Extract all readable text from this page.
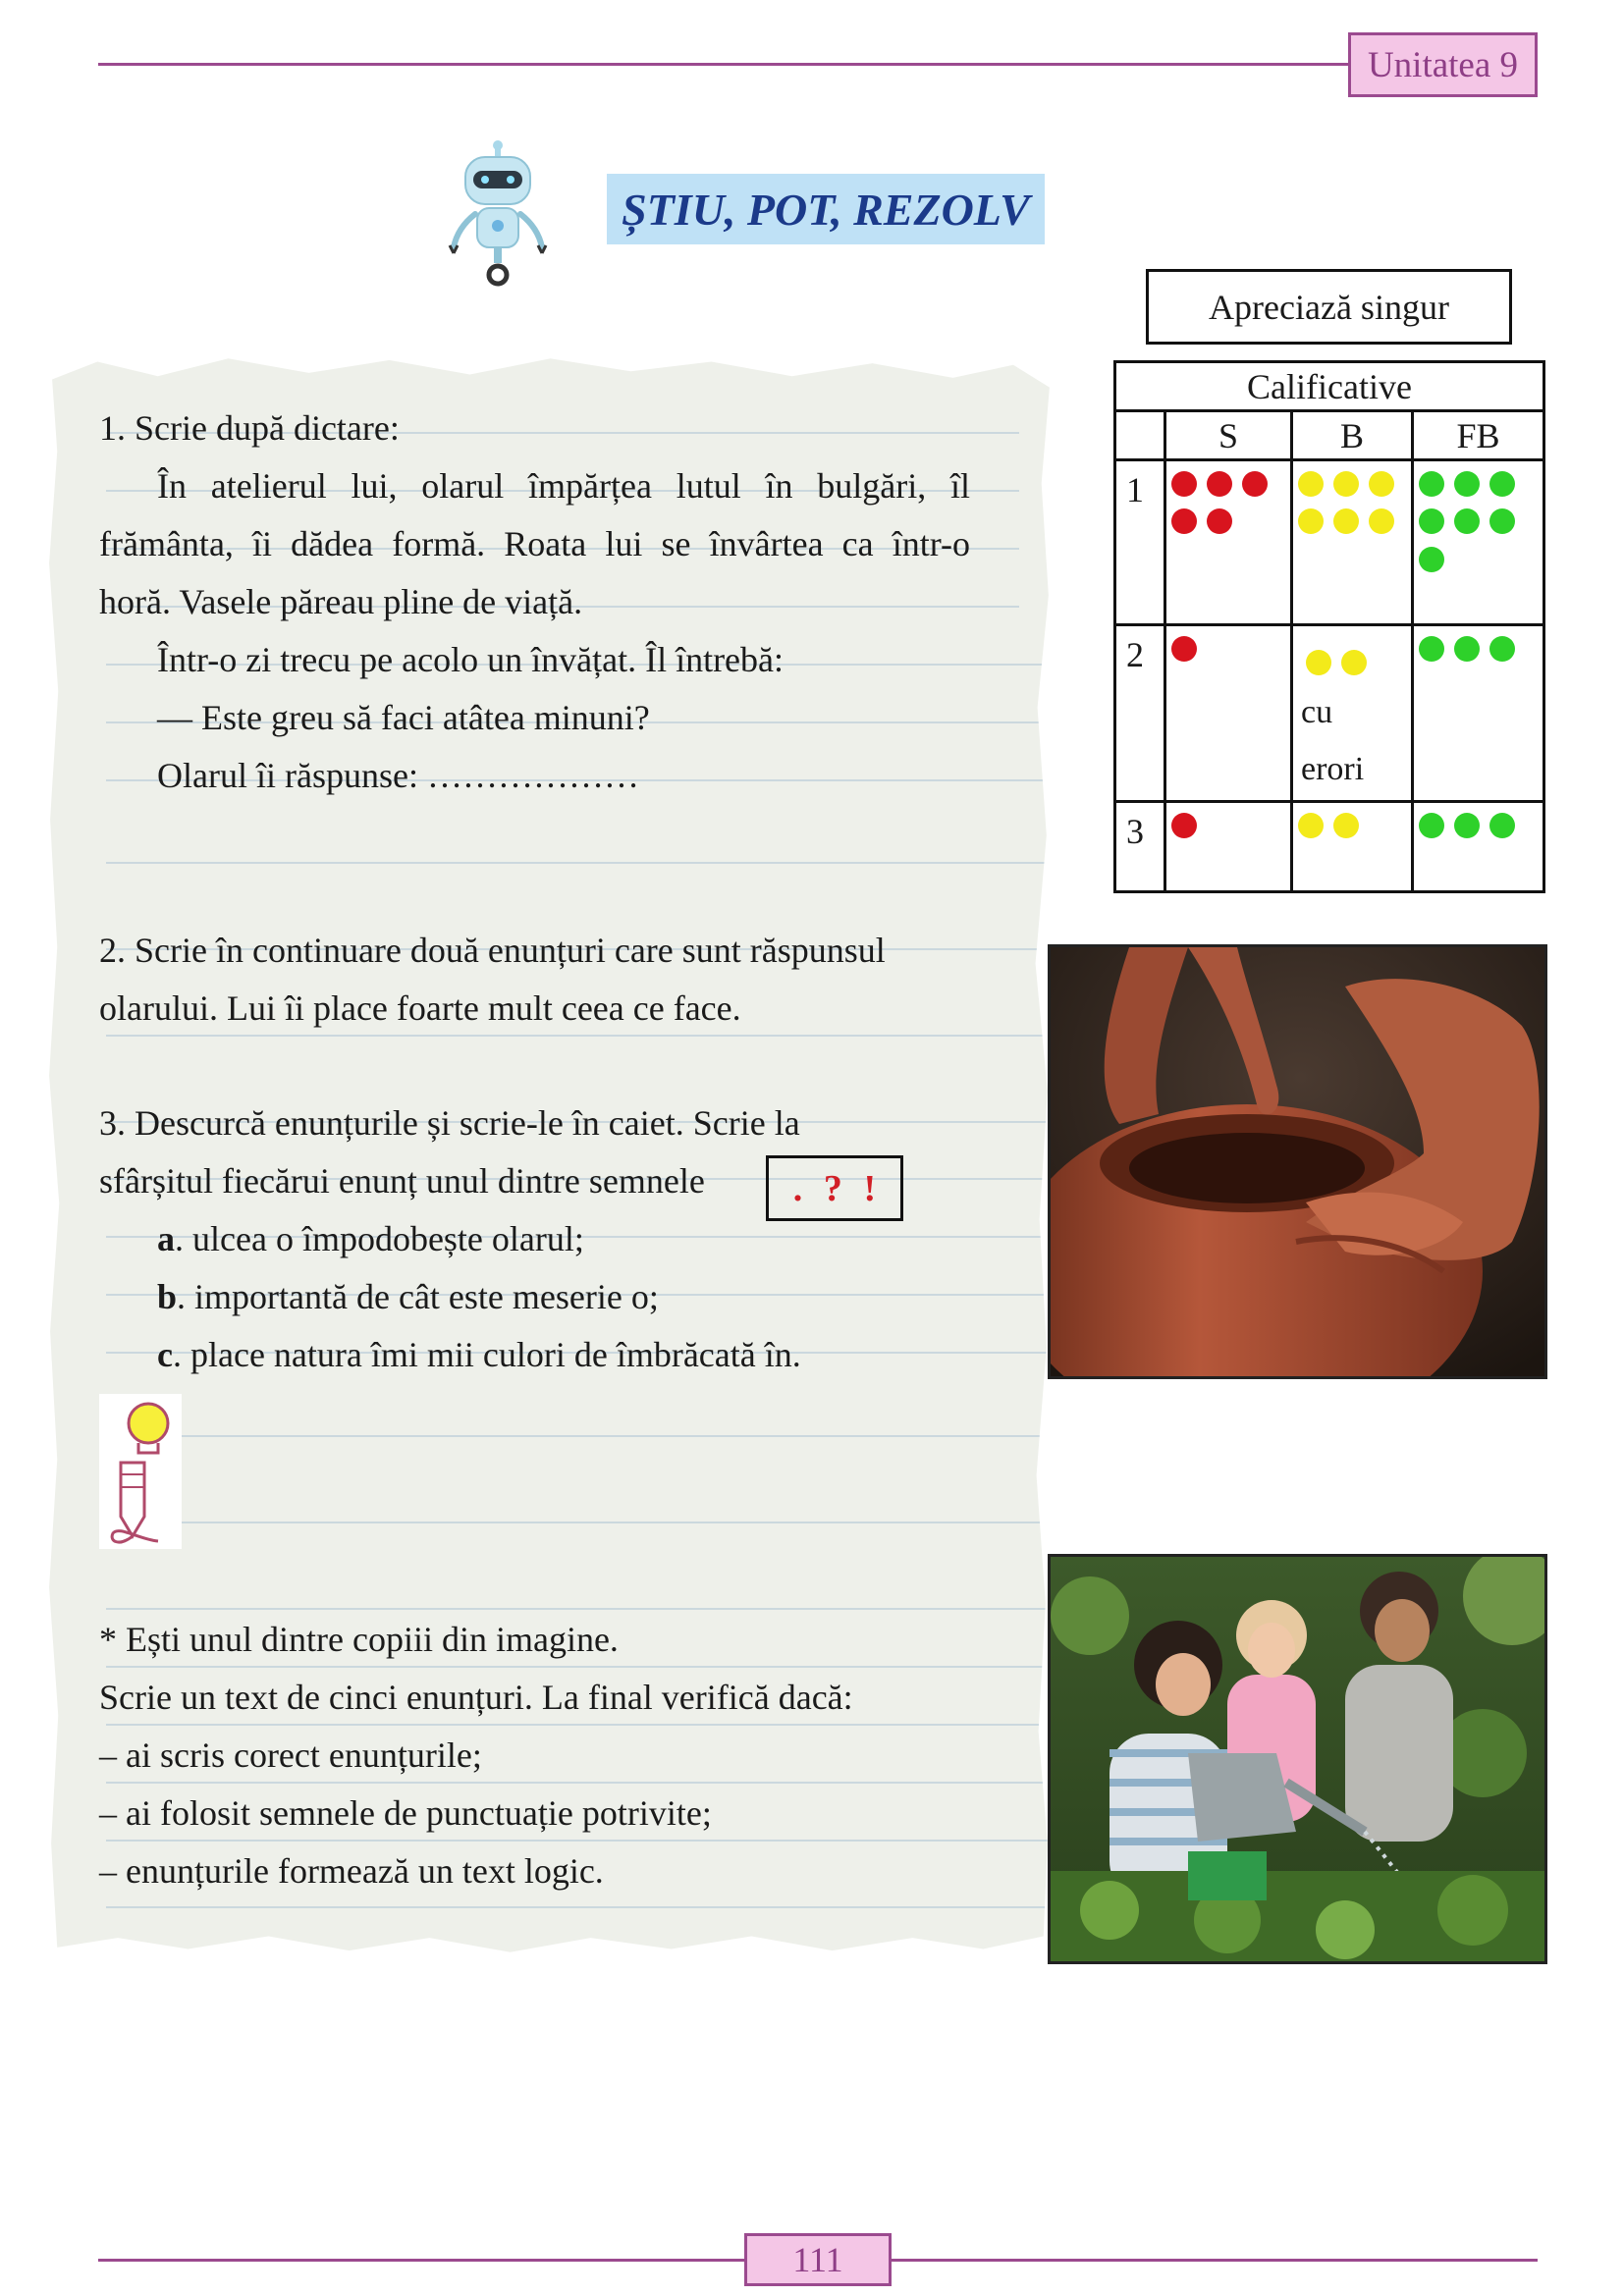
Unitatea 9
ȘTIU, POT, REZOLV
1. Scrie după dictare:
În atelierul lui, olarul împărțea lutul în bulgări, îl
frământa, îi dădea formă. Roata lui se învârtea ca într-o
horă. Vasele păreau pline de viață.
Într-o zi trecu pe acolo un învățat. Îl întrebă:
— Este greu să faci atâtea minuni?
Olarul îi răspunse: ………………
2. Scrie în continuare două enunțuri care sunt răspunsul
olarului. Lui îi place foarte mult ceea ce face.
3. Descurcă enunțurile și scrie-le în caiet. Scrie la
sfârșitul fiecărui enunț unul dintre semnele . ? !
a. ulcea o împodobește olarul;
b. importantă de cât este meserie o;
c. place natura îmi mii culori de îmbrăcată în.
* Ești unul dintre copiii din imagine.
Scrie un text de cinci enunțuri. La final verifică dacă:
– ai scris corect enunțurile;
– ai folosit semnele de punctuație potrivite;
– enunțurile formează un text logic.
Apreciază singur
Calificative			
	S	B	FB
1	

2		cu erori	

3			
111
